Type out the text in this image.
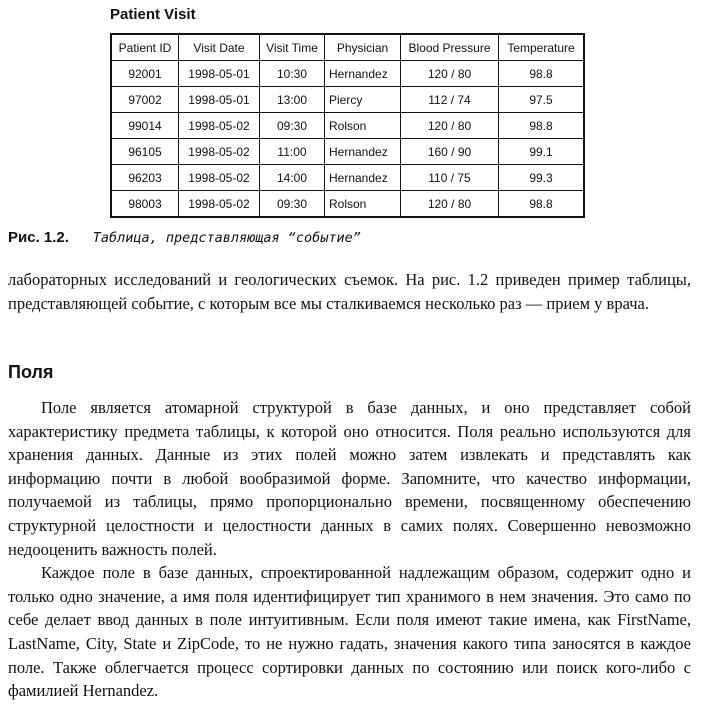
Patient Visit
Patient ID	Visit Date	Visit Time	Physician	Blood Pressure	Temperature
92001	1998-05-01	10:30	Hernandez	120 / 80	98.8
97002	1998-05-01	13:00	Piercy	112 / 74	97.5
99014	1998-05-02	09:30	Rolson	120 / 80	98.8
96105	1998-05-02	11:00	Hernandez	160 / 90	99.1
96203	1998-05-02	14:00	Hernandez	110 / 75	99.3
98003	1998-05-02	09:30	Rolson	120 / 80	98.8
Рис. 1.2. Таблица, представляющая “событие”

лабораторных исследований и геологических съемок. На рис. 1.2 приведен пример таблицы, представляющей событие, с которым все мы сталкиваемся несколько раз — прием у врача.

Поля

Поле является атомарной структурой в базе данных, и оно представляет собой характеристику предмета таблицы, к которой оно относится. Поля реально используются для хранения данных. Данные из этих полей можно затем извлекать и представлять как информацию почти в любой вообразимой форме. Запомните, что качество информации, получаемой из таблицы, прямо пропорционально времени, посвященному обеспечению структурной целостности и целостности данных в самих полях. Совершенно невозможно недооценить важность полей.

Каждое поле в базе данных, спроектированной надлежащим образом, содержит одно и только одно значение, а имя поля идентифицирует тип хранимого в нем значения. Это само по себе делает ввод данных в поле интуитивным. Если поля имеют такие имена, как FirstName, LastName, City, State и ZipCode, то не нужно гадать, значения какого типа заносятся в каждое поле. Также облегчается процесс сортировки данных по состоянию или поиск кого-либо с фамилией Hernandez.
